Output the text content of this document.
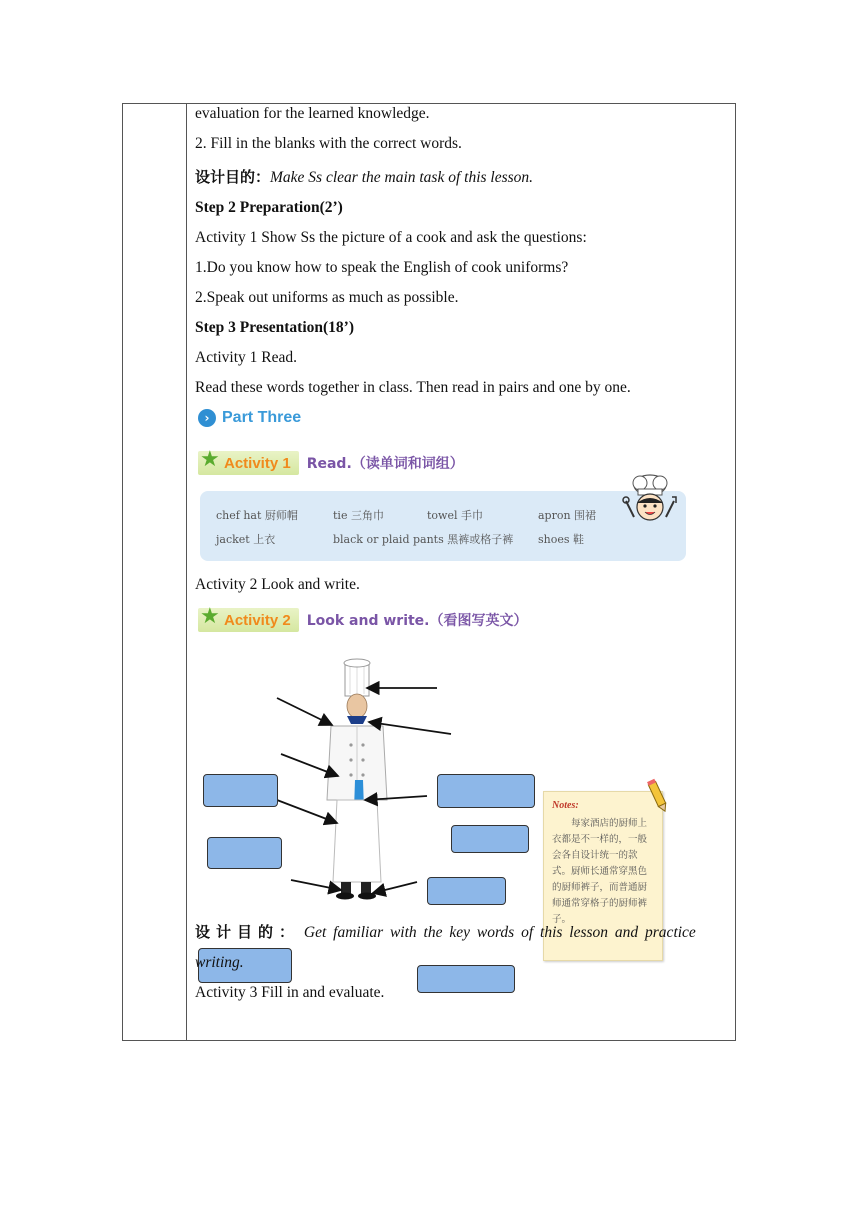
evaluation for the learned knowledge.
2. Fill in the blanks with the correct words.
设计目的：Make Ss clear the main task of this lesson.
Step 2 Preparation(2’)
Activity 1 Show Ss the picture of a cook and ask the questions:
1.Do you know how to speak the English of cook uniforms?
2.Speak out uniforms as much as possible.
Step 3 Presentation(18’)
Activity 1 Read.
Read these words together in class. Then read in pairs and one by one.
› Part Three
★ Activity 1 Read.（读单词和词组）
chef hat 厨师帽	tie 三角巾	towel 手巾	apron 围裙
jacket 上衣	black or plaid pants 黑裤或格子裤 shoes 鞋
Activity 2 Look and write.
★ Activity 2 Look and write.（看图写英文）
Notes:
每家酒店的厨师上衣都是不一样的，一般会各自设计统一的款式。厨师长通常穿黑色的厨师裤子，而普通厨师通常穿格子的厨师裤子。
设计目的： Get familiar with the key words of this lesson and practice
writing.
Activity 3 Fill in and evaluate.
